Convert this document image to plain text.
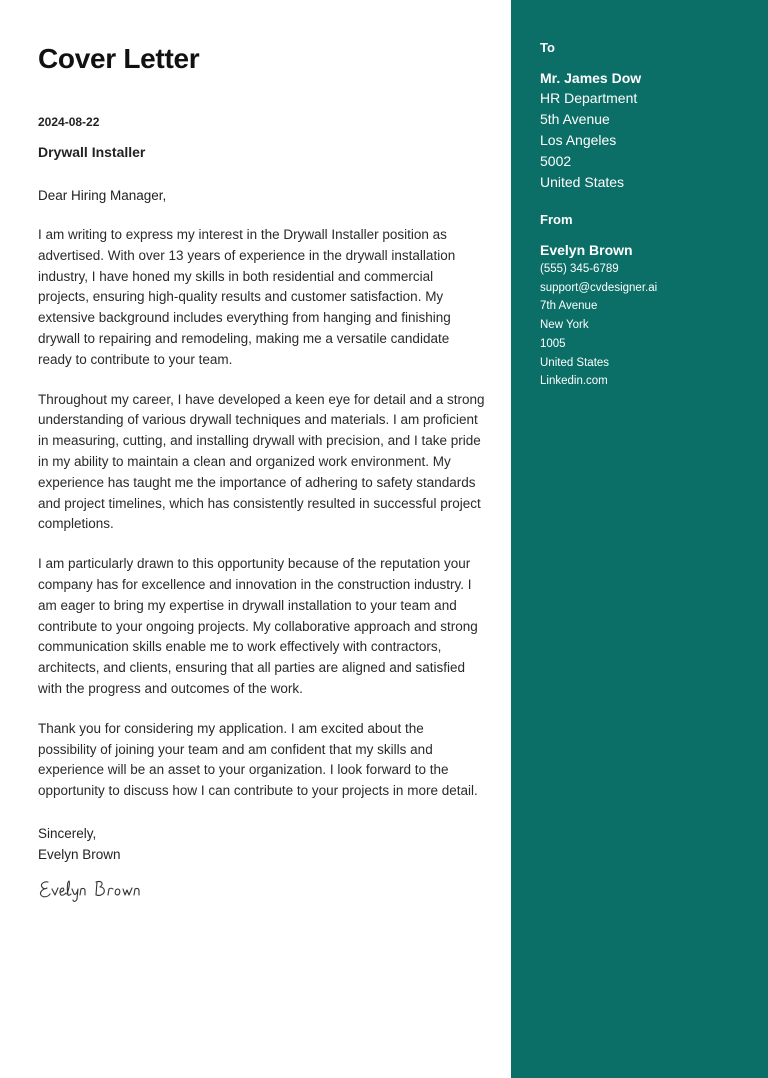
Cover Letter
2024-08-22
Drywall Installer
Dear Hiring Manager,
I am writing to express my interest in the Drywall Installer position as advertised. With over 13 years of experience in the drywall installation industry, I have honed my skills in both residential and commercial projects, ensuring high-quality results and customer satisfaction. My extensive background includes everything from hanging and finishing drywall to repairing and remodeling, making me a versatile candidate ready to contribute to your team.
Throughout my career, I have developed a keen eye for detail and a strong understanding of various drywall techniques and materials. I am proficient in measuring, cutting, and installing drywall with precision, and I take pride in my ability to maintain a clean and organized work environment. My experience has taught me the importance of adhering to safety standards and project timelines, which has consistently resulted in successful project completions.
I am particularly drawn to this opportunity because of the reputation your company has for excellence and innovation in the construction industry. I am eager to bring my expertise in drywall installation to your team and contribute to your ongoing projects. My collaborative approach and strong communication skills enable me to work effectively with contractors, architects, and clients, ensuring that all parties are aligned and satisfied with the progress and outcomes of the work.
Thank you for considering my application. I am excited about the possibility of joining your team and am confident that my skills and experience will be an asset to your organization. I look forward to the opportunity to discuss how I can contribute to your projects in more detail.
Sincerely,
Evelyn Brown
To
Mr. James Dow
HR Department
5th Avenue
Los Angeles
5002
United States
From
Evelyn Brown
(555) 345-6789
support@cvdesigner.ai
7th Avenue
New York
1005
United States
Linkedin.com
